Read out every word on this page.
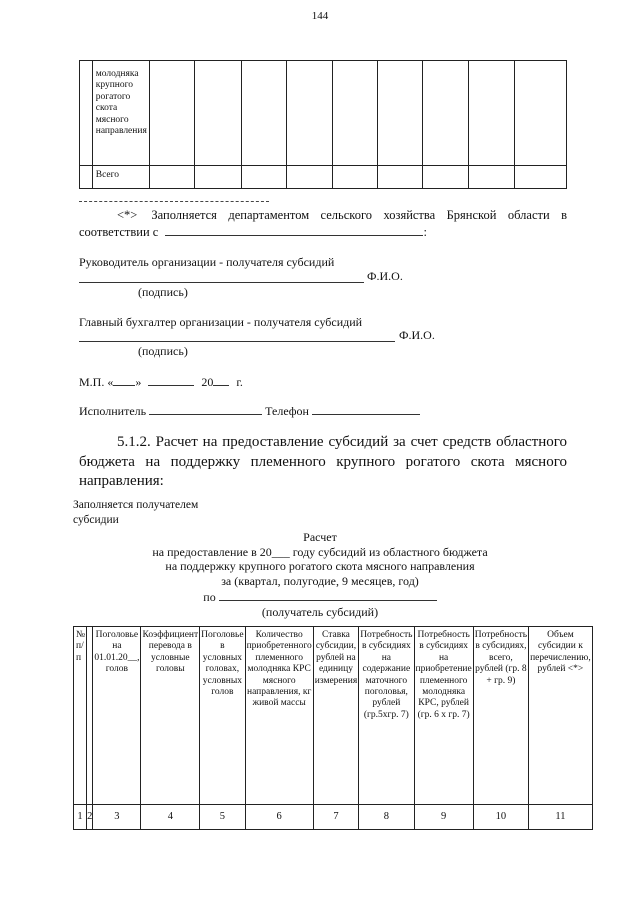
144
	молодняка крупного рогатого скота мясного направления									
	Всего									
<*> Заполняется департаментом сельского хозяйства Брянской области в
соответствии с	:
Руководитель организации - получателя субсидий
Ф.И.О.
(подпись)
Главный бухгалтер организации - получателя субсидий
Ф.И.О.
(подпись)
М.П. « »	20 г.
Исполнитель	Телефон
5.1.2. Расчет на предоставление субсидий за счет средств областного бюджета на поддержку племенного крупного рогатого скота мясного направления:
Заполняется получателем
субсидии
Расчет
на предоставление в 20___ году субсидий из областного бюджета
на поддержку крупного рогатого скота мясного направления
за (квартал, полугодие, 9 месяцев, год)
по
(получатель субсидий)
№ п/п		Поголовье на 01.01.20__, голов	Коэффициент перевода в условные головы	Поголовье в условных головах, условных голов	Количество приобретенного племенного молодняка КРС мясного направления, кг живой массы	Ставка субсидии, рублей на единицу измерения	Потребность в субсидиях на содержание маточного поголовья, рублей (гр.5хгр. 7)	Потребность в субсидиях на приобретение племенного молодняка КРС, рублей (гр. 6 х гр. 7)	Потребность в субсидиях, всего, рублей (гр. 8 + гр. 9)	Объем субсидии к перечислению, рублей <*>
1	2	3	4	5	6	7	8	9	10	11
